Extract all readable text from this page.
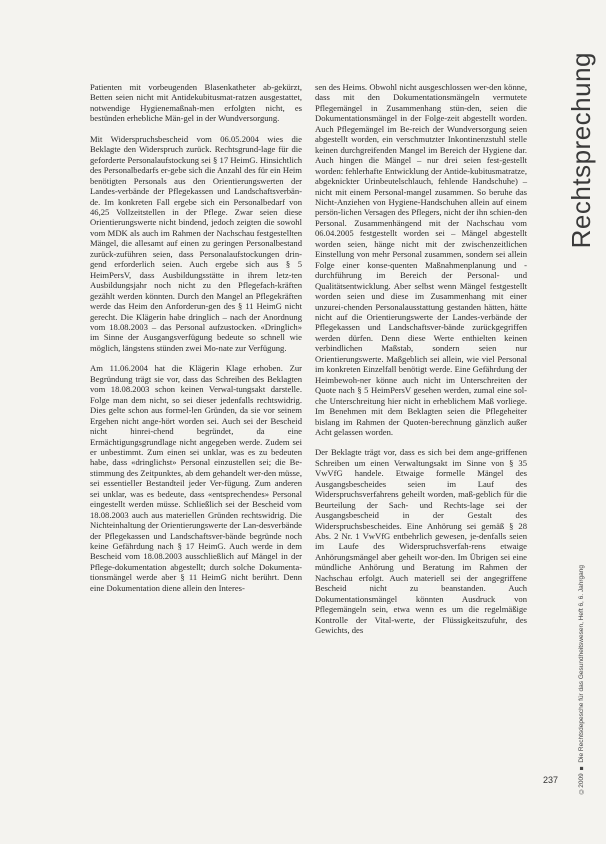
Patienten mit vorbeugenden Blasenkatheter ab-gekürzt, Betten seien nicht mit Antidekubitusmat-ratzen ausgestattet, notwendige Hygienemaßnah-men erfolgten nicht, es bestünden erhebliche Män-gel in der Wundversorgung.

Mit Widerspruchsbescheid vom 06.05.2004 wies die Beklagte den Widerspruch zurück. Rechtsgrund-lage für die geforderte Personalaufstockung sei § 17 HeimG. Hinsichtlich des Personalbedarfs er-gebe sich die Anzahl des für ein Heim benötigten Personals aus den Orientierungswerten der Landes-verbände der Pflegekassen und Landschaftsverbän-de. Im konkreten Fall ergebe sich ein Personalbedarf von 46,25 Vollzeitstellen in der Pflege. Zwar seien diese Orientierungswerte nicht bindend, jedoch zeigten die sowohl vom MDK als auch im Rahmen der Nachschau festgestellten Mängel, die allesamt auf einen zu geringen Personalbestand zurück-zuführen seien, dass Personalaufstockungen drin-gend erforderlich seien. Auch ergebe sich aus § 5 HeimPersV, dass Ausbildungsstätte in ihrem letz-ten Ausbildungsjahr noch nicht zu den Pflegefach-kräften gezählt werden könnten. Durch den Mangel an Pflegekräften werde das Heim den Anforderun-gen des § 11 HeimG nicht gerecht. Die Klägerin habe dringlich – nach der Anordnung vom 18.08.2003 – das Personal aufzustocken. «Dringlich» im Sinne der Ausgangsverfügung bedeute so schnell wie möglich, längstens stünden zwei Mo-nate zur Verfügung.

Am 11.06.2004 hat die Klägerin Klage erhoben. Zur Begründung trägt sie vor, dass das Schreiben des Beklagten vom 18.08.2003 schon keinen Verwal-tungsakt darstelle. Folge man dem nicht, so sei dieser jedenfalls rechtswidrig. Dies gelte schon aus formel-len Gründen, da sie vor seinem Ergehen nicht ange-hört worden sei. Auch sei der Bescheid nicht hinrei-chend begründet, da eine Ermächtigungsgrundlage nicht angegeben werde. Zudem sei er unbestimmt. Zum einen sei unklar, was es zu bedeuten habe, dass «dringlichst» Personal einzustellen sei; die Be-stimmung des Zeitpunktes, ab dem gehandelt wer-den müsse, sei essentieller Bestandteil jeder Ver-fügung. Zum anderen sei unklar, was es bedeute, dass «entsprechendes» Personal eingestellt werden müsse. Schließlich sei der Bescheid vom 18.08.2003 auch aus materiellen Gründen rechtswidrig. Die Nichteinhaltung der Orientierungswerte der Lan-desverbände der Pflegekassen und Landschaftsver-bände begründe noch keine Gefährdung nach § 17 HeimG. Auch werde in dem Bescheid vom 18.08.2003 ausschließlich auf Mängel in der Pflege-dokumentation abgestellt; durch solche Dokumenta-tionsmängel werde aber § 11 HeimG nicht berührt. Denn eine Dokumentation diene allein den Interes-

sen des Heims. Obwohl nicht ausgeschlossen wer-den könne, dass mit den Dokumentationsmängeln vermutete Pflegemängel in Zusammenhang stün-den, seien die Dokumentationsmängel in der Folge-zeit abgestellt worden. Auch Pflegemängel im Be-reich der Wundversorgung seien abgestellt worden, ein verschmutzter Inkontinenzstuhl stelle keinen durchgreifenden Mangel im Bereich der Hygiene dar. Auch hingen die Mängel – nur drei seien fest-gestellt worden: fehlerhafte Entwicklung der Antide-kubitusmatratze, abgeknickter Urinbeutelschlauch, fehlende Handschuhe) – nicht mit einem Personal-mangel zusammen. So beruhe das Nicht-Anziehen von Hygiene-Handschuhen allein auf einem persön-lichen Versagen des Pflegers, nicht der ihn schien-den Personal. Zusammenhängend mit der Nachschau vom 06.04.2005 festgestellt worden sei – Mängel abgestellt worden seien, hänge nicht mit der zwischenzeitlichen Einstellung von mehr Personal zusammen, sondern sei allein Folge einer konse-quenten Maßnahmenplanung und -durchführung im Bereich der Personal- und Qualitätsentwicklung. Aber selbst wenn Mängel festgestellt worden seien und diese im Zusammenhang mit einer unzurei-chenden Personalausstattung gestanden hätten, hätte nicht auf die Orientierungswerte der Landes-verbände der Pflegekassen und Landschaftsver-bände zurückgegriffen werden dürfen. Denn diese Werte enthielten keinen verbindlichen Maßstab, sondern seien nur Orientierungswerte. Maßgeblich sei allein, wie viel Personal im konkreten Einzelfall benötigt werde. Eine Gefährdung der Heimbewoh-ner könne auch nicht im Unterschreiten der Quote nach § 5 HeimPersV gesehen werden, zumal eine sol-che Unterschreitung hier nicht in erheblichem Maß vorliege. Im Benehmen mit dem Beklagten seien die Pflegeheiter bislang im Rahmen der Quoten-berechnung gänzlich außer Acht gelassen worden.

Der Beklagte trägt vor, dass es sich bei dem ange-griffenen Schreiben um einen Verwaltungsakt im Sinne von § 35 VwVfG handele. Etwaige formelle Mängel des Ausgangsbescheides seien im Lauf des Widerspruchsverfahrens geheilt worden, maß-geblich für die Beurteilung der Sach- und Rechts-lage sei der Ausgangsbescheid in der Gestalt des Widerspruchsbescheides. Eine Anhörung sei gemäß § 28 Abs. 2 Nr. 1 VwVfG entbehrlich gewesen, je-denfalls seien im Laufe des Widerspruchsverfah-rens etwaige Anhörungsmängel aber geheilt wor-den. Im Übrigen sei eine mündliche Anhörung und Beratung im Rahmen der Nachschau erfolgt. Auch materiell sei der angegriffene Bescheid nicht zu beanstanden. Auch Dokumentationsmängel könnten Ausdruck von Pflegemängeln sein, etwa wenn es um die regelmäßige Kontrolle der Vital-werte, der Flüssigkeitszufuhr, des Gewichts, des

Rechtsprechung
©2009 ■ Die Rechtsdepesche für das Gesundheitswesen, Heft 6, 6. Jahrgang
237
